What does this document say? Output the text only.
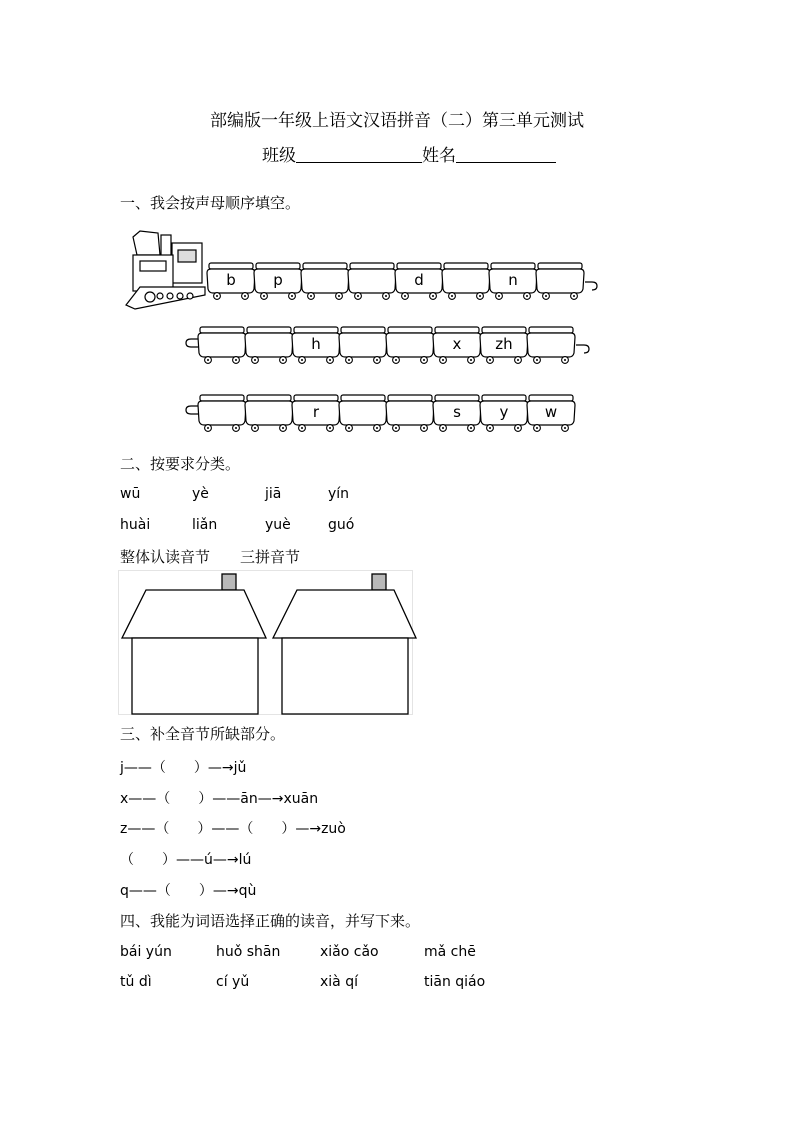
部编版一年级上语文汉语拼音（二）第三单元测试
班级	姓名
一、我会按声母顺序填空。
b p	d	n
h	x zh
r	s	y w
二、按要求分类。
wū	yè	jiā	yín
huài	liǎn	yuè	guó
整体认读音节 三拼音节
三、补全音节所缺部分。
j——（　　）—→jǔ
x——（　　）——ān—→xuān
z——（　　）——（　　）—→zuò
（　　）——ú—→lú
q——（　　）—→qù
四、我能为词语选择正确的读音，并写下来。
bái yún	huǒ shān	xiǎo cǎo	mǎ chē
tǔ dì	cí yǔ	xià qí	tiān qiáo
